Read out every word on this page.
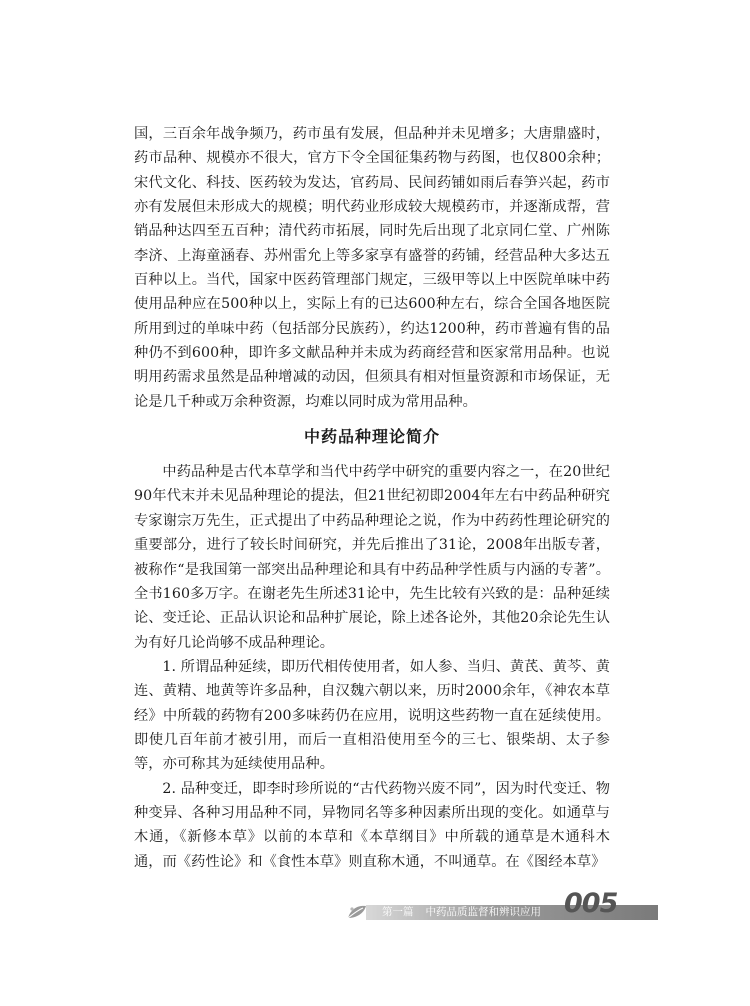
国，三百余年战争频乃，药市虽有发展，但品种并未见增多；大唐鼎盛时，药市品种、规模亦不很大，官方下令全国征集药物与药图，也仅800余种；宋代文化、科技、医药较为发达，官药局、民间药铺如雨后春笋兴起，药市亦有发展但未形成大的规模；明代药业形成较大规模药市，并逐渐成帮，营销品种达四至五百种；清代药市拓展，同时先后出现了北京同仁堂、广州陈李济、上海童涵春、苏州雷允上等多家享有盛誉的药铺，经营品种大多达五百种以上。当代，国家中医药管理部门规定，三级甲等以上中医院单味中药使用品种应在500种以上，实际上有的已达600种左右，综合全国各地医院所用到过的单味中药（包括部分民族药），约达1200种，药市普遍有售的品种仍不到600种，即许多文献品种并未成为药商经营和医家常用品种。也说明用药需求虽然是品种增减的动因，但须具有相对恒量资源和市场保证，无论是几千种或万余种资源，均难以同时成为常用品种。

中药品种理论简介

中药品种是古代本草学和当代中药学中研究的重要内容之一，在20世纪90年代末并未见品种理论的提法，但21世纪初即2004年左右中药品种研究专家谢宗万先生，正式提出了中药品种理论之说，作为中药药性理论研究的重要部分，进行了较长时间研究，并先后推出了31论，2008年出版专著，被称作“是我国第一部突出品种理论和具有中药品种学性质与内涵的专著”。全书160多万字。在谢老先生所述31论中，先生比较有兴致的是：品种延续论、变迁论、正品认识论和品种扩展论，除上述各论外，其他20余论先生认为有好几论尚够不成品种理论。

1. 所谓品种延续，即历代相传使用者，如人参、当归、黄芪、黄芩、黄连、黄精、地黄等许多品种，自汉魏六朝以来，历时2000余年，《神农本草经》中所载的药物有200多味药仍在应用，说明这些药物一直在延续使用。即使几百年前才被引用，而后一直相沿使用至今的三七、银柴胡、太子参等，亦可称其为延续使用品种。

2. 品种变迁，即李时珍所说的“古代药物兴废不同”，因为时代变迁、物种变异、各种习用品种不同，异物同名等多种因素所出现的变化。如通草与木通，《新修本草》以前的本草和《本草纲目》中所载的通草是木通科木通，而《药性论》和《食性本草》则直称木通，不叫通草。在《图经本草》

第一篇 中药品质监督和辨识应用 005
